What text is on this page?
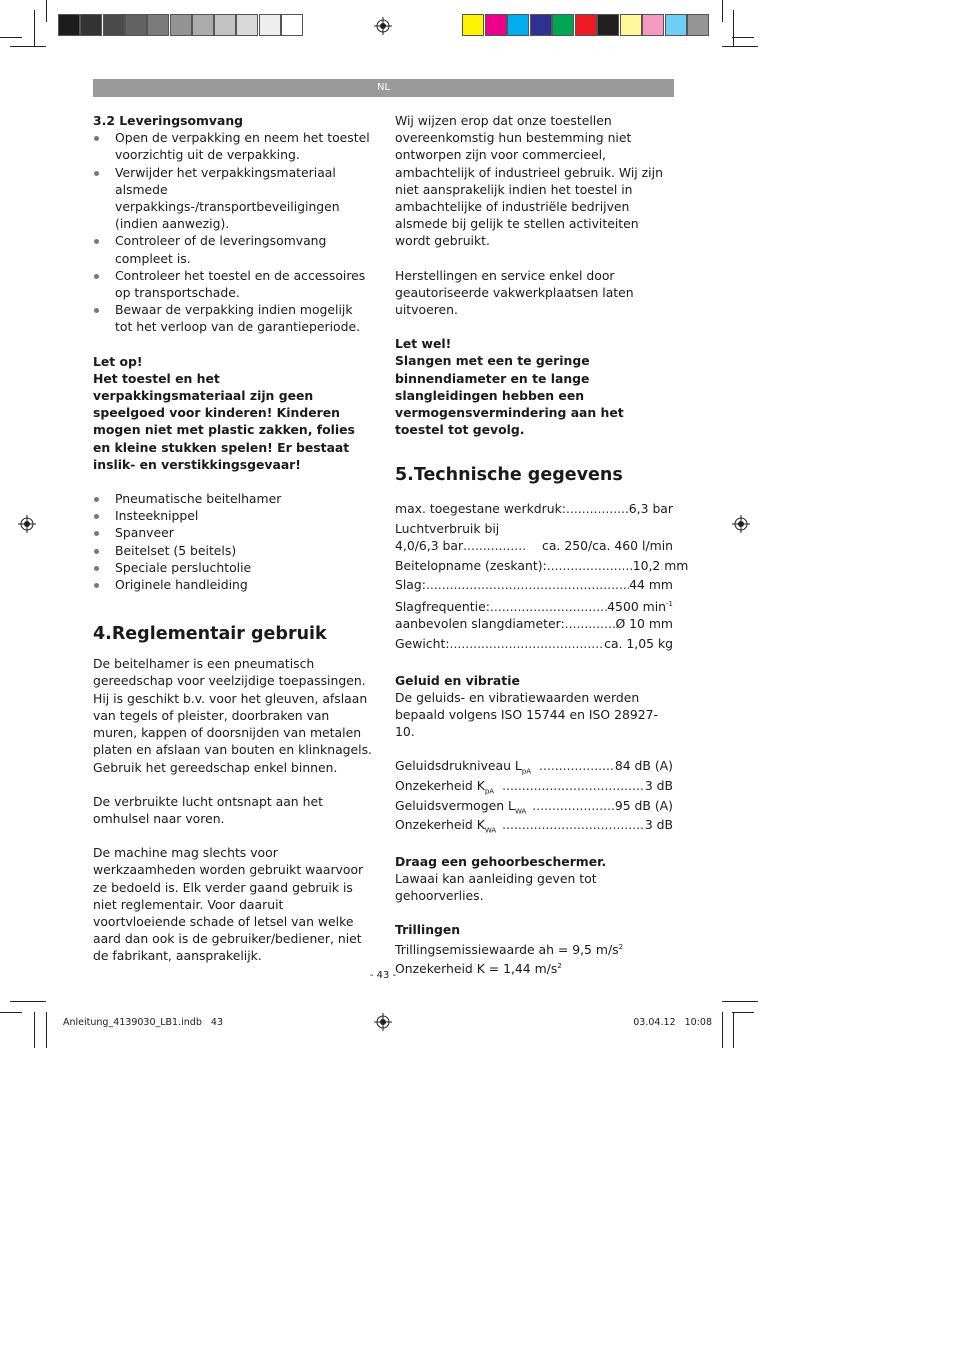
NL

3.2 Leveringsomvang

Open de verpakking en neem het toestel voorzichtig uit de verpakking.
Verwijder het verpakkingsmateriaal alsmede verpakkings-/transportbeveiligingen (indien aanwezig).
Controleer of de leveringsomvang compleet is.
Controleer het toestel en de accessoires op transportschade.
Bewaar de verpakking indien mogelijk tot het verloop van de garantieperiode.

Let op!

Het toestel en het verpakkingsmateriaal zijn geen speelgoed voor kinderen! Kinderen mogen niet met plastic zakken, folies en kleine stukken spelen! Er bestaat inslik- en verstikkingsgevaar!

Pneumatische beitelhamer
Insteeknippel
Spanveer
Beitelset (5 beitels)
Speciale persluchtolie
Originele handleiding

4.Reglementair gebruik

De beitelhamer is een pneumatisch gereedschap voor veelzijdige toepassingen. Hij is geschikt b.v. voor het gleuven, afslaan van tegels of pleister, doorbraken van muren, kappen of doorsnijden van metalen platen en afslaan van bouten en klinknagels.

Gebruik het gereedschap enkel binnen.

De verbruikte lucht ontsnapt aan het omhulsel naar voren.

De machine mag slechts voor werkzaamheden worden gebruikt waarvoor ze bedoeld is. Elk verder gaand gebruik is niet reglementair. Voor daaruit voortvloeiende schade of letsel van welke aard dan ook is de gebruiker/bediener, niet de fabrikant, aansprakelijk.

Wij wijzen erop dat onze toestellen overeenkomstig hun bestemming niet ontworpen zijn voor commercieel, ambachtelijk of industrieel gebruik. Wij zijn niet aansprakelijk indien het toestel in ambachtelijke of industriële bedrijven alsmede bij gelijk te stellen activiteiten wordt gebruikt.

Herstellingen en service enkel door geautoriseerde vakwerkplaatsen laten uitvoeren.

Let wel!

Slangen met een te geringe binnendiameter en te lange slangleidingen hebben een vermogensvermindering aan het toestel tot gevolg.

5.Technische gegevens

max. toegestane werkdruk: .....	6,3 bar
Luchtverbruik bij
4,0/6,3 bar .....	ca. 250/ca. 460 l/min
Beitelopname (zeskant): .....	10,2 mm
Slag: .....	44 mm
Slagfrequentie: .....	4500 $\min^{-1}$
aanbevolen slangdiameter: .....	Ø 10 mm
Gewicht: .....	ca. 1,05 kg

Geluid en vibratie

De geluids- en vibratiewaarden werden bepaald volgens ISO 15744 en ISO 28927-10.

Geluidsdrukniveau $L_{pA}$ .....	84 dB (A)
Onzekerheid $K_{pA}$ .....	3 dB
Geluidsvermogen $L_{WA}$ .....	95 dB (A)
Onzekerheid $K_{WA}$ .....	3 dB

Draag een gehoorbeschermer.

Lawaai kan aanleiding geven tot gehoorverlies.

Trillingen

Trillingsemissiewaarde ah = 9,5 $m/s^2$

Onzekerheid K = 1,44 $m/s^2$

- 43 -
Anleitung_4139030_LB1.indb   43	03.04.12   10:08
